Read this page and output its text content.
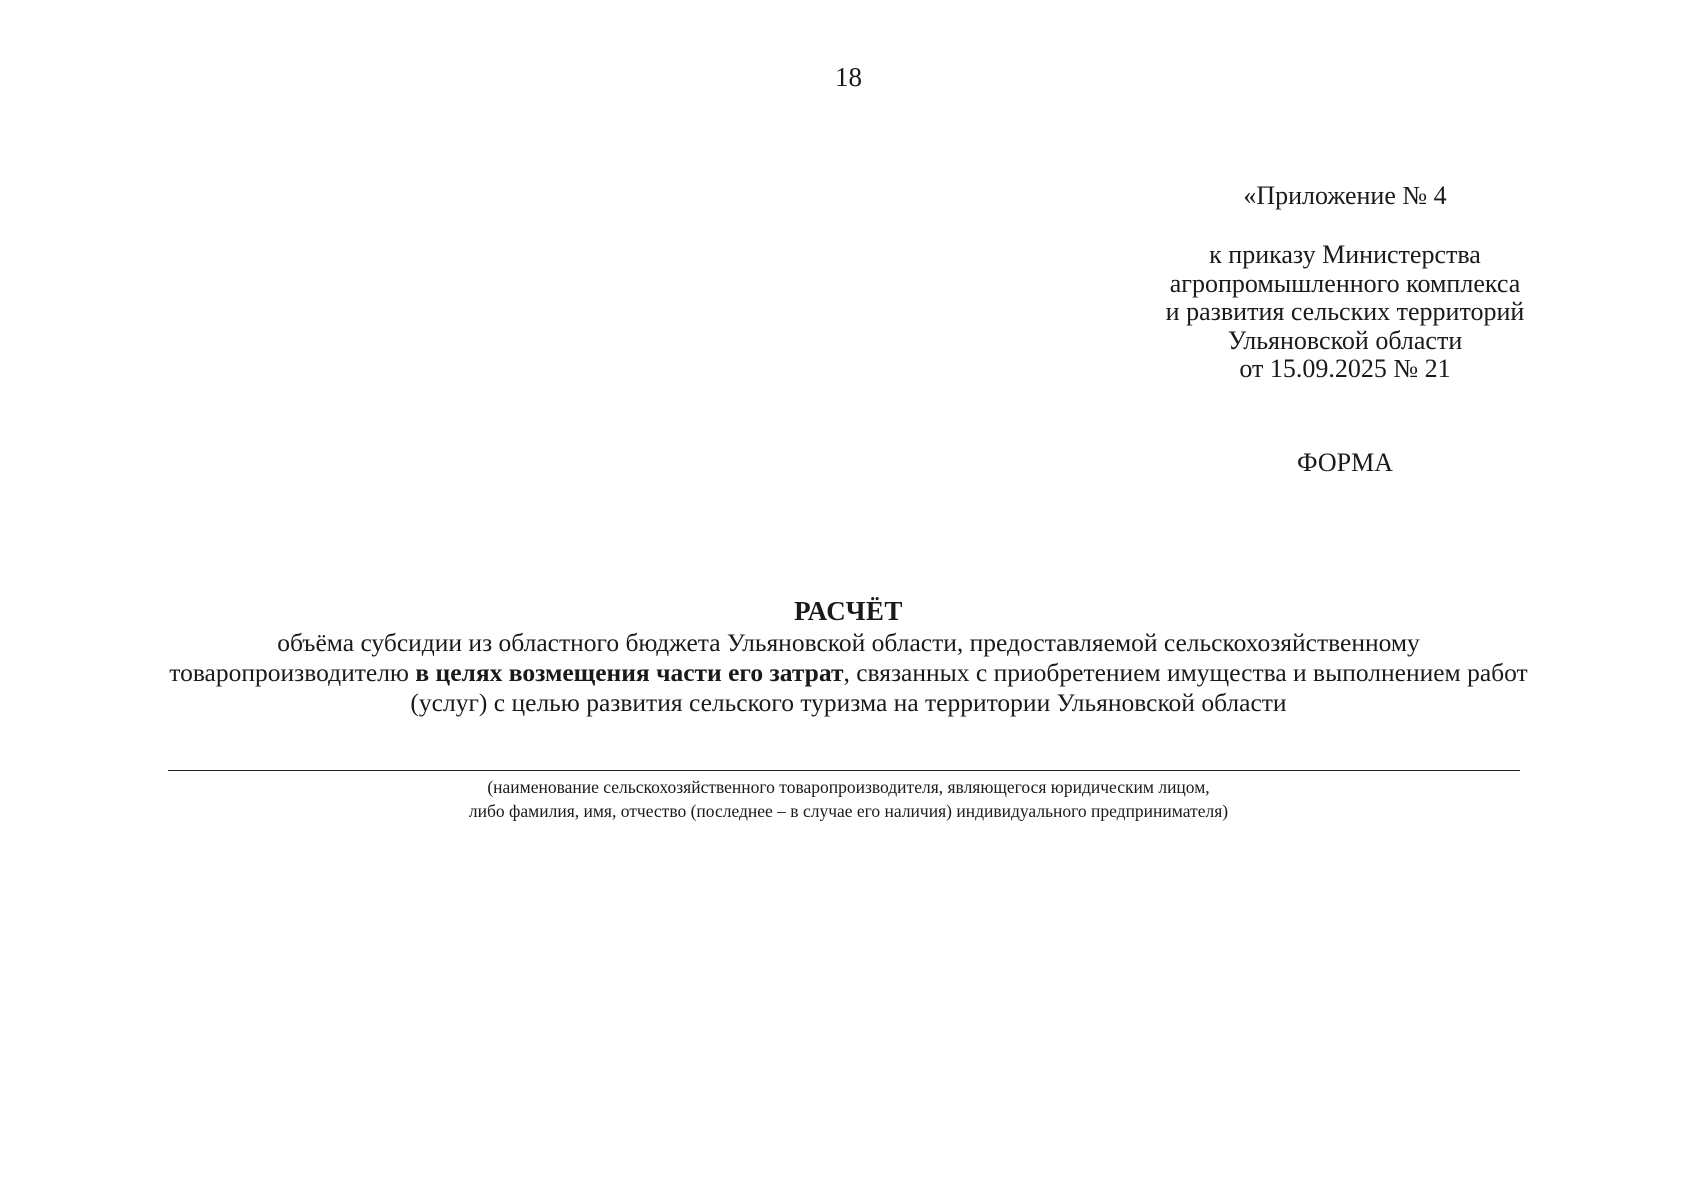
18
«Приложение № 4
к приказу Министерства
агропромышленного комплекса
и развития сельских территорий
Ульяновской области
от 15.09.2025 № 21
ФОРМА
РАСЧЁТ
объёма субсидии из областного бюджета Ульяновской области, предоставляемой сельскохозяйственному
товаропроизводителю в целях возмещения части его затрат, связанных с приобретением имущества и выполнением работ
(услуг) с целью развития сельского туризма на территории Ульяновской области
(наименование сельскохозяйственного товаропроизводителя, являющегося юридическим лицом,
либо фамилия, имя, отчество (последнее – в случае его наличия) индивидуального предпринимателя)
